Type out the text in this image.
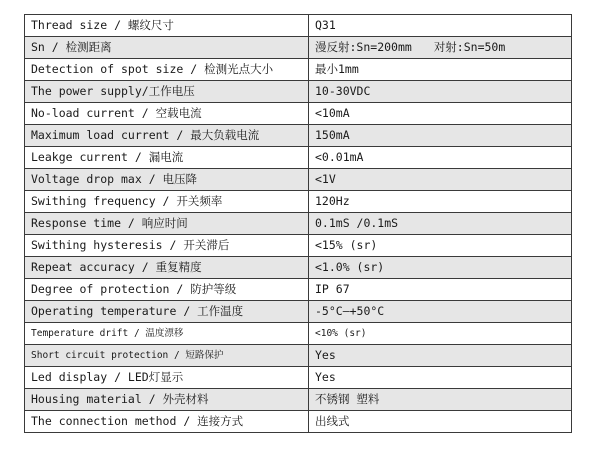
Thread size / 螺纹尺寸	Q31
Sn / 检测距离	漫反射:Sn=200mm 对射:Sn=50m
Detection of spot size / 检测光点大小	最小1mm
The power supply/工作电压	10-30VDC
No-load current / 空载电流	<10mA
Maximum load current / 最大负载电流	150mA
Leakge current / 漏电流	<0.01mA
Voltage drop max / 电压降	<1V
Swithing frequency / 开关频率	120Hz
Response time / 响应时间	0.1mS /0.1mS
Swithing hysteresis / 开关滞后	<15% (sr)
Repeat accuracy / 重复精度	<1.0% (sr)
Degree of protection / 防护等级	IP 67
Operating temperature / 工作温度	-5°C—+50°C
Temperature drift / 温度漂移	<10% (sr)
Short circuit protection / 短路保护	Yes
Led display / LED灯显示	Yes
Housing material / 外壳材料	不锈钢 塑料
The connection method / 连接方式	出线式
